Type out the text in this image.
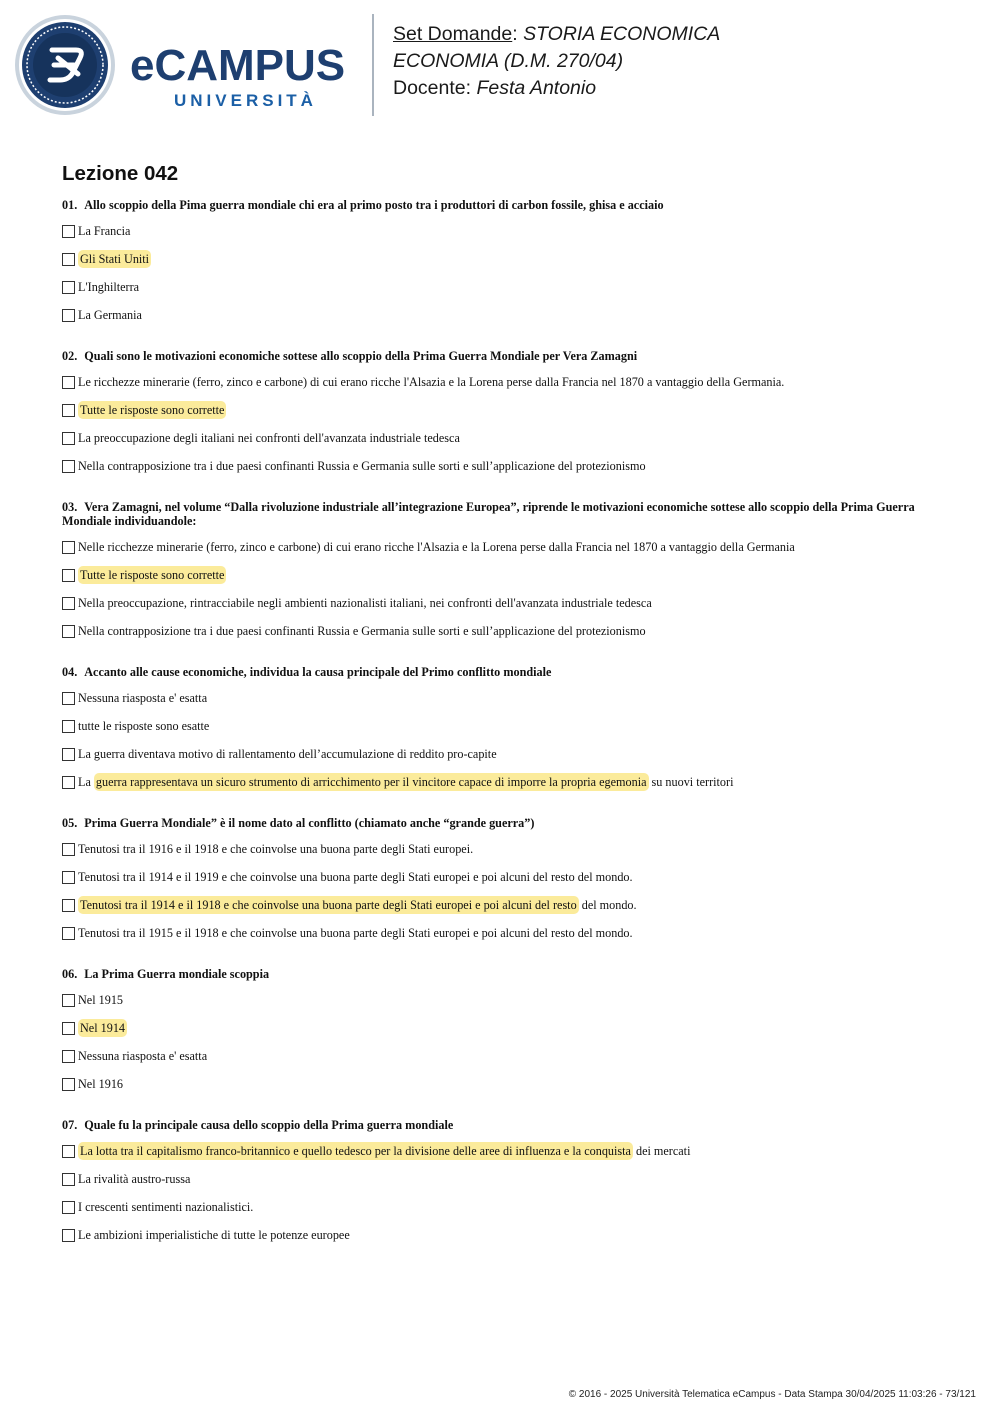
eCAMPUS
UNIVERSITÀ
Set Domande: STORIA ECONOMICA
ECONOMIA (D.M. 270/04)
Docente: Festa Antonio
Lezione 042

01. Allo scoppio della Pima guerra mondiale chi era al primo posto tra i produttori di carbon fossile, ghisa e acciaio

La Francia
Gli Stati Uniti
L'Inghilterra
La Germania

02. Quali sono le motivazioni economiche sottese allo scoppio della Prima Guerra Mondiale per Vera Zamagni

Le ricchezze minerarie (ferro, zinco e carbone) di cui erano ricche l'Alsazia e la Lorena perse dalla Francia nel 1870 a vantaggio della Germania.
Tutte le risposte sono corrette
La preoccupazione degli italiani nei confronti dell'avanzata industriale tedesca
Nella contrapposizione tra i due paesi confinanti Russia e Germania sulle sorti e sull’applicazione del protezionismo

03. Vera Zamagni, nel volume “Dalla rivoluzione industriale all’integrazione Europea”, riprende le motivazioni economiche sottese allo scoppio della Prima Guerra Mondiale individuandole:

Nelle ricchezze minerarie (ferro, zinco e carbone) di cui erano ricche l'Alsazia e la Lorena perse dalla Francia nel 1870 a vantaggio della Germania
Tutte le risposte sono corrette
Nella preoccupazione, rintracciabile negli ambienti nazionalisti italiani, nei confronti dell'avanzata industriale tedesca
Nella contrapposizione tra i due paesi confinanti Russia e Germania sulle sorti e sull’applicazione del protezionismo

04. Accanto alle cause economiche, individua la causa principale del Primo conflitto mondiale

Nessuna riasposta e' esatta
tutte le risposte sono esatte
La guerra diventava motivo di rallentamento dell’accumulazione di reddito pro-capite
La guerra rappresentava un sicuro strumento di arricchimento per il vincitore capace di imporre la propria egemonia su nuovi territori

05. Prima Guerra Mondiale” è il nome dato al conflitto (chiamato anche “grande guerra”)

Tenutosi tra il 1916 e il 1918 e che coinvolse una buona parte degli Stati europei.
Tenutosi tra il 1914 e il 1919 e che coinvolse una buona parte degli Stati europei e poi alcuni del resto del mondo.
Tenutosi tra il 1914 e il 1918 e che coinvolse una buona parte degli Stati europei e poi alcuni del resto del mondo.
Tenutosi tra il 1915 e il 1918 e che coinvolse una buona parte degli Stati europei e poi alcuni del resto del mondo.

06. La Prima Guerra mondiale scoppia

Nel 1915
Nel 1914
Nessuna riasposta e' esatta
Nel 1916

07. Quale fu la principale causa dello scoppio della Prima guerra mondiale

La lotta tra il capitalismo franco-britannico e quello tedesco per la divisione delle aree di influenza e la conquista dei mercati
La rivalità austro-russa
I crescenti sentimenti nazionalistici.
Le ambizioni imperialistiche di tutte le potenze europee
© 2016 - 2025 Università Telematica eCampus - Data Stampa 30/04/2025 11:03:26 - 73/121
